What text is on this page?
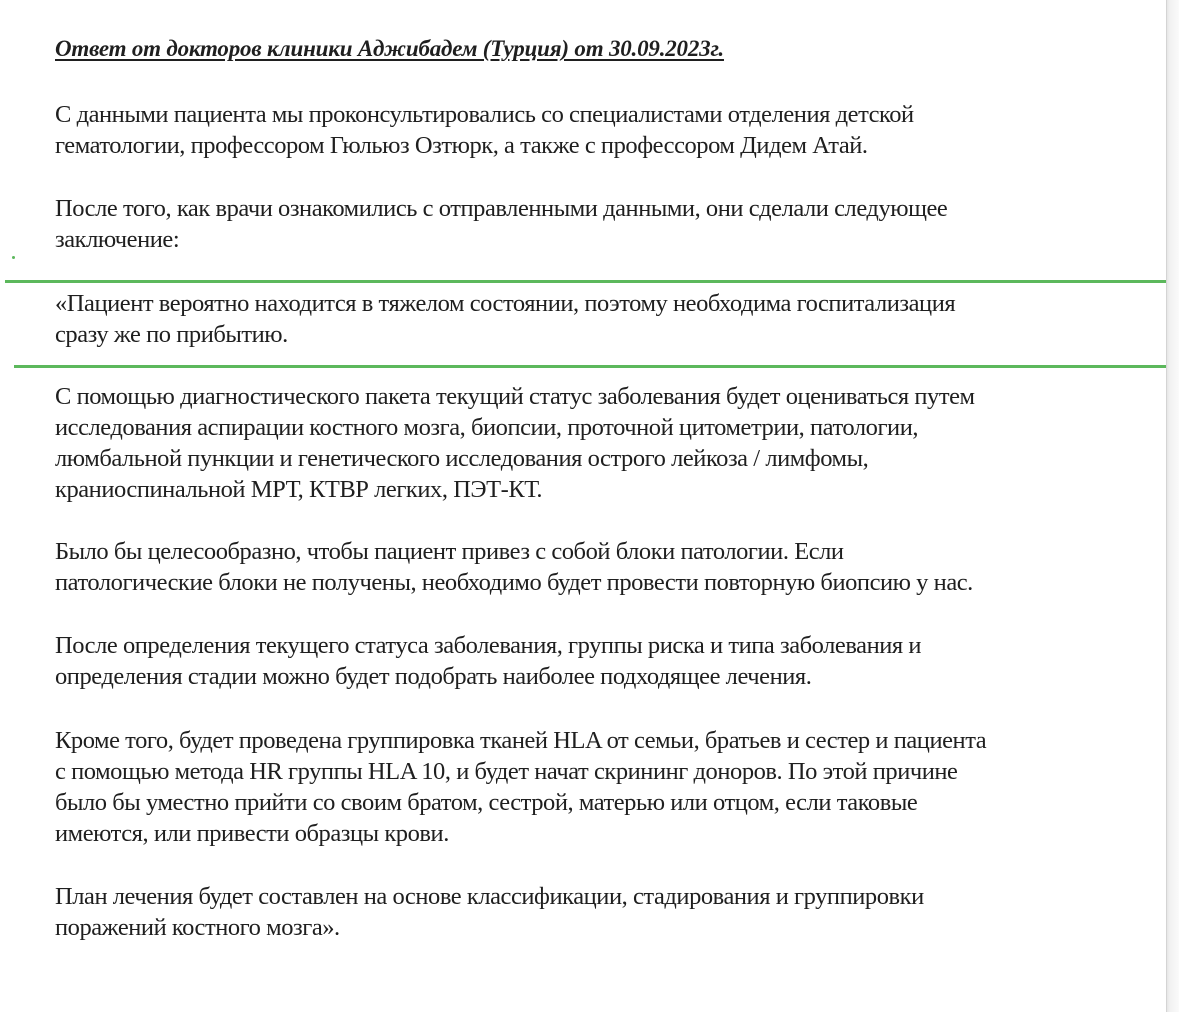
Ответ от докторов клиники Аджибадем (Турция) от 30.09.2023г.

С данными пациента мы проконсультировались со специалистами отделения детской
гематологии, профессором Гюльюз Озтюрк, а также с профессором Дидем Атай.

После того, как врачи ознакомились с отправленными данными, они сделали следующее
заключение:

«Пациент вероятно находится в тяжелом состоянии, поэтому необходима госпитализация
сразу же по прибытию.

С помощью диагностического пакета текущий статус заболевания будет оцениваться путем
исследования аспирации костного мозга, биопсии, проточной цитометрии, патологии,
люмбальной пункции и генетического исследования острого лейкоза / лимфомы,
краниоспинальной МРТ, КТВР легких, ПЭТ-КТ.

Было бы целесообразно, чтобы пациент привез с собой блоки патологии. Если
патологические блоки не получены, необходимо будет провести повторную биопсию у нас.

После определения текущего статуса заболевания, группы риска и типа заболевания и
определения стадии можно будет подобрать наиболее подходящее лечения.

Кроме того, будет проведена группировка тканей HLA от семьи, братьев и сестер и пациента
с помощью метода HR группы HLA 10, и будет начат скрининг доноров. По этой причине
было бы уместно прийти со своим братом, сестрой, матерью или отцом, если таковые
имеются, или привести образцы крови.

План лечения будет составлен на основе классификации, стадирования и группировки
поражений костного мозга».
